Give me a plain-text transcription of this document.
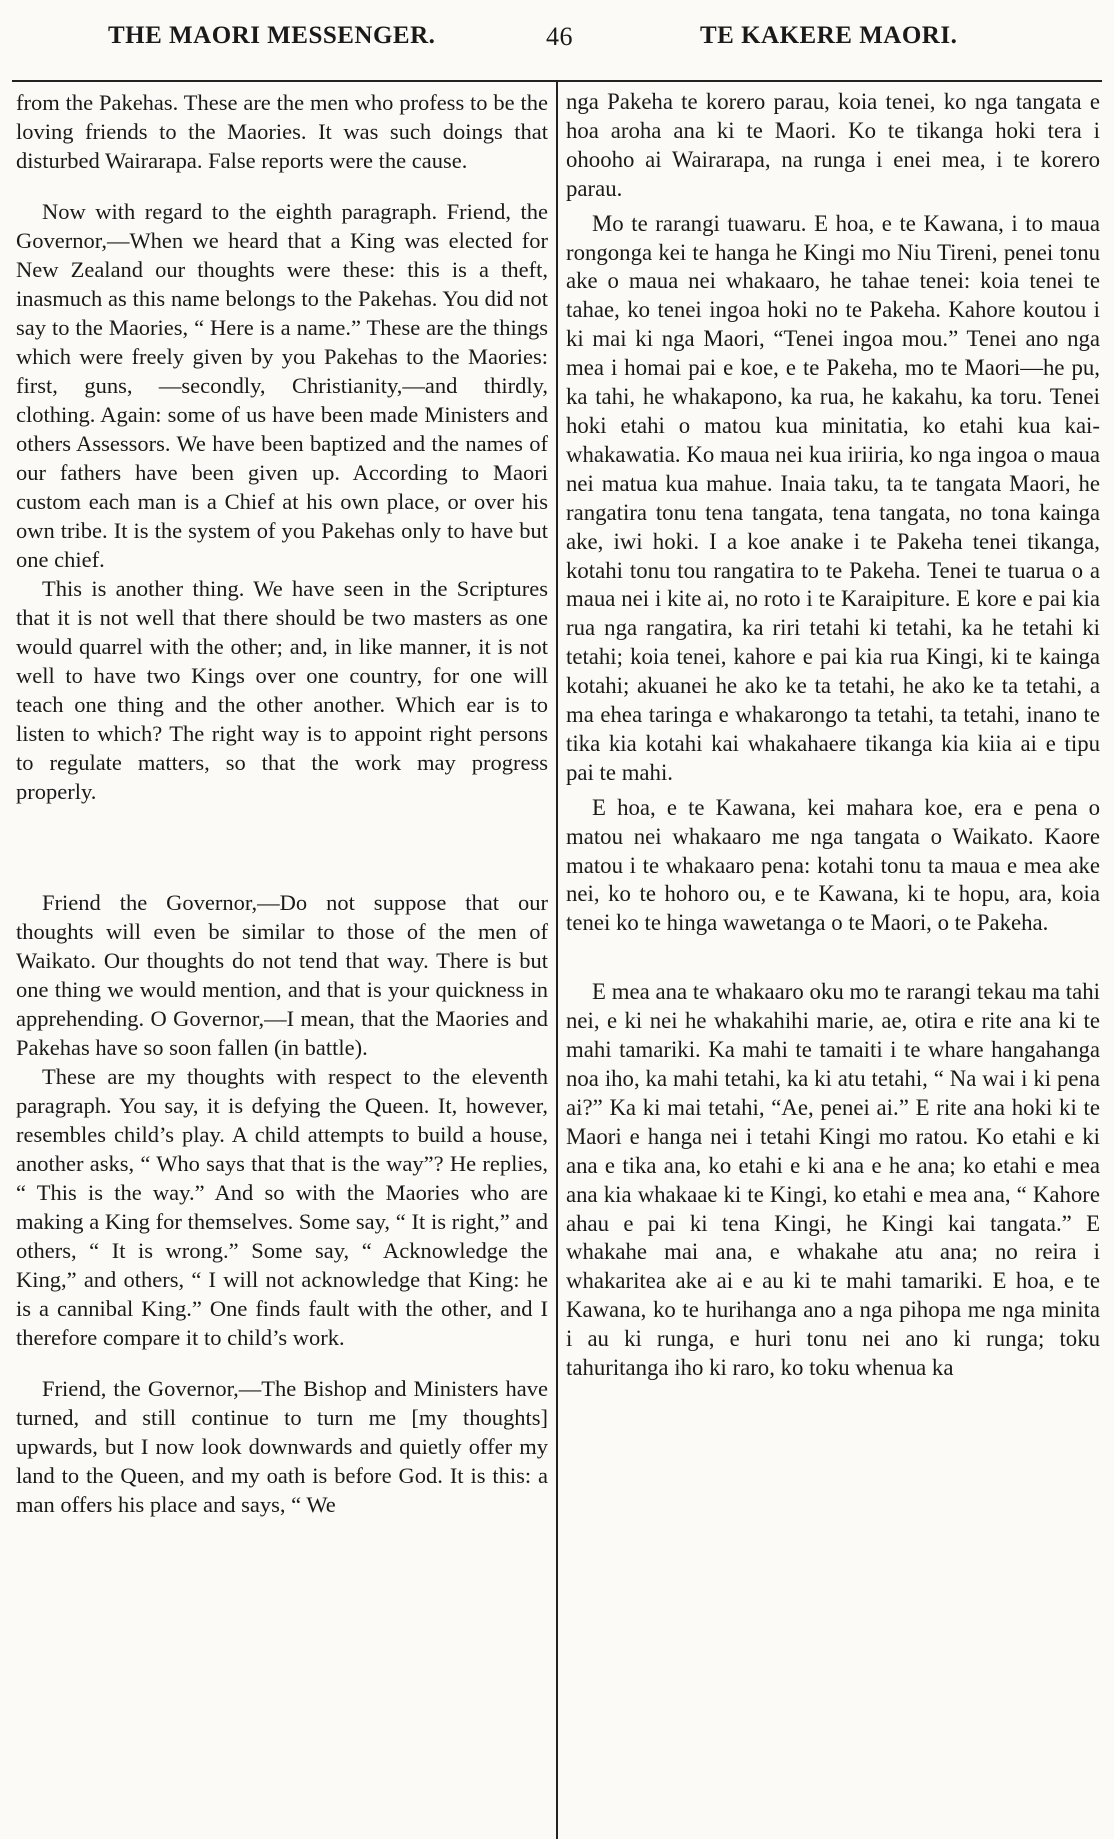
THE MAORI MESSENGER.	46	TE KAKERE MAORI.

from the Pakehas. These are the men who profess to be the loving friends to the Maories. It was such doings that disturbed Wairarapa. False reports were the cause.

Now with regard to the eighth paragraph. Friend, the Governor,—When we heard that a King was elected for New Zealand our thoughts were these: this is a theft, inasmuch as this name belongs to the Pakehas. You did not say to the Maories, “ Here is a name.” These are the things which were freely given by you Pakehas to the Maories: first, guns, —secondly, Christianity,—and thirdly, clothing. Again: some of us have been made Ministers and others Assessors. We have been baptized and the names of our fathers have been given up. According to Maori custom each man is a Chief at his own place, or over his own tribe. It is the system of you Pakehas only to have but one chief.

This is another thing. We have seen in the Scriptures that it is not well that there should be two masters as one would quarrel with the other; and, in like manner, it is not well to have two Kings over one country, for one will teach one thing and the other another. Which ear is to listen to which? The right way is to appoint right persons to regulate matters, so that the work may progress properly.

Friend the Governor,—Do not suppose that our thoughts will even be similar to those of the men of Waikato. Our thoughts do not tend that way. There is but one thing we would mention, and that is your quickness in apprehending. O Governor,—I mean, that the Maories and Pakehas have so soon fallen (in battle).

These are my thoughts with respect to the eleventh paragraph. You say, it is defying the Queen. It, however, resembles child’s play. A child attempts to build a house, another asks, “ Who says that that is the way”? He replies, “ This is the way.” And so with the Maories who are making a King for themselves. Some say, “ It is right,” and others, “ It is wrong.” Some say, “ Acknowledge the King,” and others, “ I will not acknowledge that King: he is a cannibal King.” One finds fault with the other, and I therefore compare it to child’s work.

Friend, the Governor,—The Bishop and Ministers have turned, and still continue to turn me [my thoughts] upwards, but I now look downwards and quietly offer my land to the Queen, and my oath is before God. It is this: a man offers his place and says, “ We

nga Pakeha te korero parau, koia tenei, ko nga tangata e hoa aroha ana ki te Maori. Ko te tikanga hoki tera i ohooho ai Wairarapa, na runga i enei mea, i te korero parau.

Mo te rarangi tuawaru. E hoa, e te Kawana, i to maua rongonga kei te hanga he Kingi mo Niu Tireni, penei tonu ake o maua nei whakaaro, he tahae tenei: koia tenei te tahae, ko tenei ingoa hoki no te Pakeha. Kahore koutou i ki mai ki nga Maori, “Tenei ingoa mou.” Tenei ano nga mea i homai pai e koe, e te Pakeha, mo te Maori—he pu, ka tahi, he whakapono, ka rua, he kakahu, ka toru. Tenei hoki etahi o matou kua minitatia, ko etahi kua kai-whakawatia. Ko maua nei kua iriiria, ko nga ingoa o maua nei matua kua mahue. Inaia taku, ta te tangata Maori, he rangatira tonu tena tangata, tena tangata, no tona kainga ake, iwi hoki. I a koe anake i te Pakeha tenei tikanga, kotahi tonu tou rangatira to te Pakeha. Tenei te tuarua o a maua nei i kite ai, no roto i te Karaipiture. E kore e pai kia rua nga rangatira, ka riri tetahi ki tetahi, ka he tetahi ki tetahi; koia tenei, kahore e pai kia rua Kingi, ki te kainga kotahi; akuanei he ako ke ta tetahi, he ako ke ta tetahi, a ma ehea taringa e whakarongo ta tetahi, ta tetahi, inano te tika kia kotahi kai whakahaere tikanga kia kiia ai e tipu pai te mahi.

E hoa, e te Kawana, kei mahara koe, era e pena o matou nei whakaaro me nga tangata o Waikato. Kaore matou i te whakaaro pena: kotahi tonu ta maua e mea ake nei, ko te hohoro ou, e te Kawana, ki te hopu, ara, koia tenei ko te hinga wawetanga o te Maori, o te Pakeha.

E mea ana te whakaaro oku mo te rarangi tekau ma tahi nei, e ki nei he whakahihi marie, ae, otira e rite ana ki te mahi tamariki. Ka mahi te tamaiti i te whare hangahanga noa iho, ka mahi tetahi, ka ki atu tetahi, “ Na wai i ki pena ai?” Ka ki mai tetahi, “Ae, penei ai.” E rite ana hoki ki te Maori e hanga nei i tetahi Kingi mo ratou. Ko etahi e ki ana e tika ana, ko etahi e ki ana e he ana; ko etahi e mea ana kia whakaae ki te Kingi, ko etahi e mea ana, “ Kahore ahau e pai ki tena Kingi, he Kingi kai tangata.” E whakahe mai ana, e whakahe atu ana; no reira i whakaritea ake ai e au ki te mahi tamariki. E hoa, e te Kawana, ko te hurihanga ano a nga pihopa me nga minita i au ki runga, e huri tonu nei ano ki runga; toku tahuritanga iho ki raro, ko toku whenua ka
